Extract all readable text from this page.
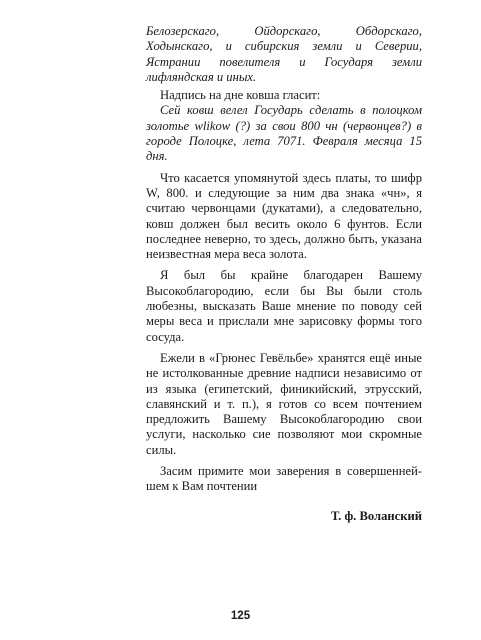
Белозерскаго, Ойдорскаго, Обдорскаго, Ходынскаго, и сибирския земли и Северии, Ястрании повелителя и Государя земли лифляндская и иных.

Надпись на дне ковша гласит:

Сей ковш велел Государь сделать в полоцком золотье wlikow (?) за свои 800 чн (червонцев?) в городе Полоцке, лета 7071. Февраля месяца 15 дня.

Что касается упомянутой здесь платы, то шифр W, 800. и следующие за ним два знака «чн», я считаю червонцами (дукатами), а следовательно, ковш должен был весить около 6 фунтов. Если последнее неверно, то здесь, должно быть, указана неизвестная мера веса золота.

Я был бы крайне благодарен Вашему Высокоблагородию, если бы Вы были столь любезны, высказать Ваше мнение по поводу сей меры веса и прислали мне зарисовку формы того сосуда.

Ежели в «Грюнес Гевёльбе» хранятся ещё иные не истолкованные древние надписи независимо от из языка (египетский, финикийский, этрусский, славянский и т. п.), я готов со всем почтением предложить Вашему Высокоблагородию свои услуги, насколько сие позволяют мои скромные силы.

Засим примите мои заверения в совершенней-шем к Вам почтении

Т. ф. Воланский

125
